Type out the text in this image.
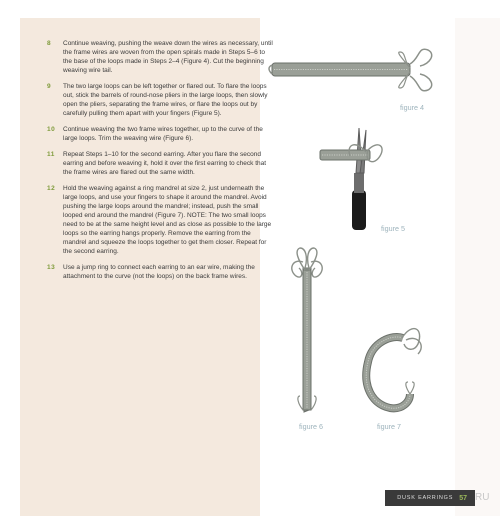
8	Continue weaving, pushing the weave down the wires as necessary, until the frame wires are woven from the open spirals made in Steps 5–6 to the base of the loops made in Steps 2–4 (Figure 4). Cut the beginning weaving wire tail.
9	The two large loops can be left together or flared out. To flare the loops out, stick the barrels of round-nose pliers in the large loops, then slowly open the pliers, separating the frame wires, or flare the loops out by carefully pulling them apart with your fingers (Figure 5).
10	Continue weaving the two frame wires together, up to the curve of the large loops. Trim the weaving wire (Figure 6).
11	Repeat Steps 1–10 for the second earring. After you flare the second earring and before weaving it, hold it over the first earring to check that the frame wires are flared out the same width.
12	Hold the weaving against a ring mandrel at size 2, just underneath the large loops, and use your fingers to shape it around the mandrel. Avoid pushing the large loops around the mandrel; instead, push the small looped end around the mandrel (Figure 7). NOTE: The two small loops need to be at the same height level and as close as possible to the large loops so the earring hangs properly. Remove the earring from the mandrel and squeeze the loops together to get them closer. Repeat for the second earring.
13	Use a jump ring to connect each earring to an ear wire, making the attachment to the curve (not the loops) on the back frame wires.
figure 4
figure 5
figure 6	figure 7
DUSK EARRINGS 57 RU
